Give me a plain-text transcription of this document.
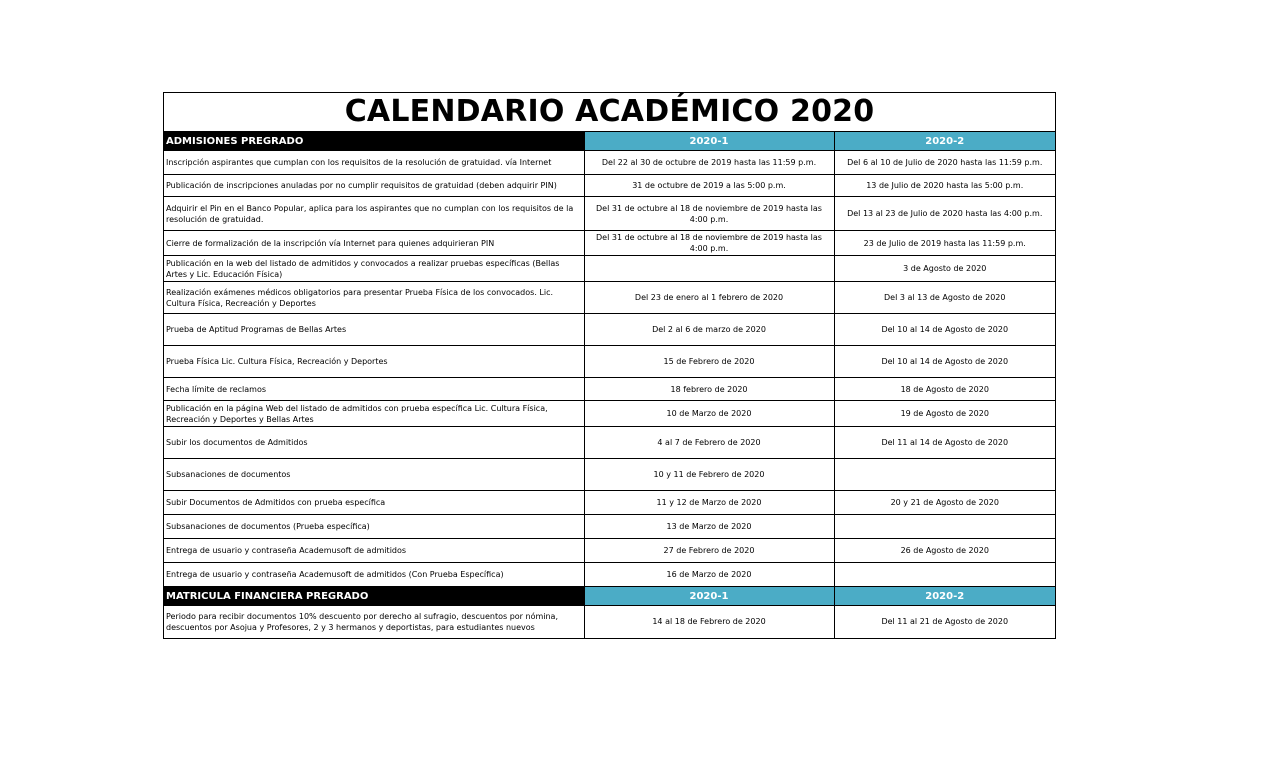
CALENDARIO ACADÉMICO 2020
ADMISIONES PREGRADO	2020-1	2020-2
Inscripción aspirantes que cumplan con los requisitos de la resolución de gratuidad. vía Internet	Del 22 al 30 de octubre de 2019 hasta las 11:59 p.m.	Del 6 al 10 de Julio de 2020 hasta las 11:59 p.m.
Publicación de inscripciones anuladas por no cumplir requisitos de gratuidad (deben adquirir PIN)	31 de octubre de 2019 a las 5:00 p.m.	13 de Julio de 2020 hasta las 5:00 p.m.
Adquirir el Pin en el Banco Popular, aplica para los aspirantes que no cumplan con los requisitos de la resolución de gratuidad.	Del 31 de octubre al 18 de noviembre de 2019 hasta las 4:00 p.m.	Del 13 al 23 de Julio de 2020 hasta las 4:00 p.m.
Cierre de formalización de la inscripción vía Internet para quienes adquirieran PIN	Del 31 de octubre al 18 de noviembre de 2019 hasta las 4:00 p.m.	23 de Julio de 2019 hasta las 11:59 p.m.
Publicación en la web del listado de admitidos y convocados a realizar pruebas específicas (Bellas Artes y Lic. Educación Física)		3 de Agosto de 2020
Realización exámenes médicos obligatorios para presentar Prueba Física de los convocados. Lic. Cultura Física, Recreación y Deportes	Del 23 de enero al 1 febrero de 2020	Del 3 al 13 de Agosto de 2020
Prueba de Aptitud Programas de Bellas Artes	Del 2 al 6 de marzo de 2020	Del 10 al 14 de Agosto de 2020
Prueba Física Lic. Cultura Física, Recreación y Deportes	15 de Febrero de 2020	Del 10 al 14 de Agosto de 2020
Fecha límite de reclamos	18 febrero de 2020	18 de Agosto de 2020
Publicación en la página Web del listado de admitidos con prueba específica Lic. Cultura Física, Recreación y Deportes y Bellas Artes	10 de Marzo de 2020	19 de Agosto de 2020
Subir los documentos de Admitidos	4 al 7 de Febrero de 2020	Del 11 al 14 de Agosto de 2020
Subsanaciones de documentos	10 y 11 de Febrero de 2020	
Subir Documentos de Admitidos con prueba específica	11 y 12 de Marzo de 2020	20 y 21 de Agosto de 2020
Subsanaciones de documentos (Prueba específica)	13 de Marzo de 2020	
Entrega de usuario y contraseña Academusoft de admitidos	27 de Febrero de 2020	26 de Agosto de 2020
Entrega de usuario y contraseña Academusoft de admitidos (Con Prueba Específica)	16 de Marzo de 2020	
MATRICULA FINANCIERA PREGRADO	2020-1	2020-2
Periodo para recibir documentos 10% descuento por derecho al sufragio, descuentos por nómina, descuentos por Asojua y Profesores, 2 y 3 hermanos y deportistas, para estudiantes nuevos	14 al 18 de Febrero de 2020	Del 11 al 21 de Agosto de 2020
